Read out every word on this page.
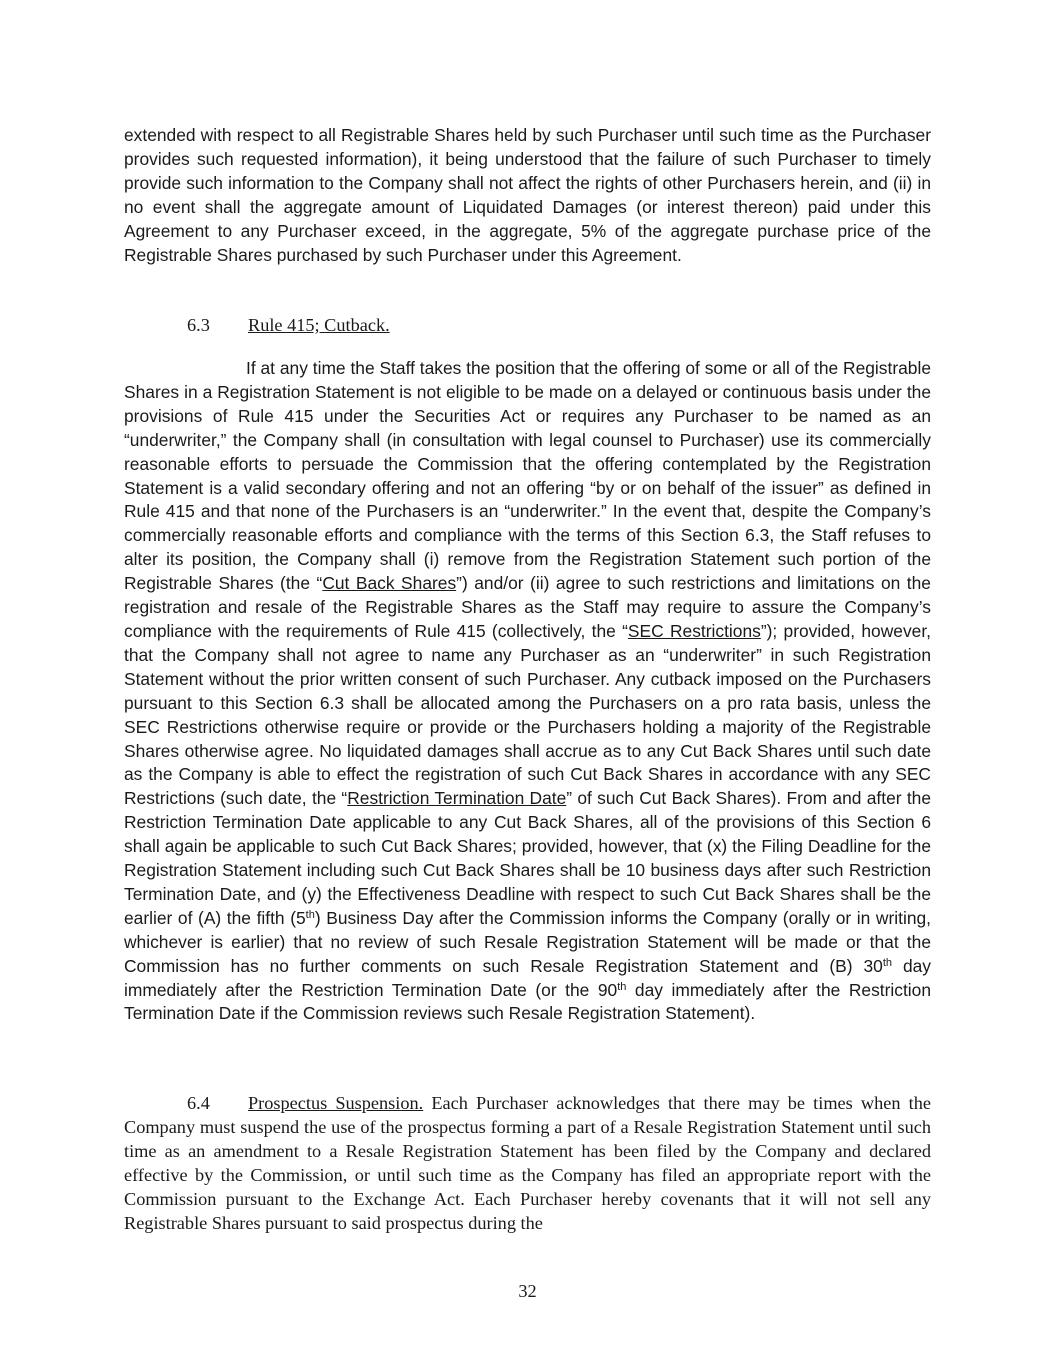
extended with respect to all Registrable Shares held by such Purchaser until such time as the Purchaser provides such requested information), it being understood that the failure of such Purchaser to timely provide such information to the Company shall not affect the rights of other Purchasers herein, and (ii) in no event shall the aggregate amount of Liquidated Damages (or interest thereon) paid under this Agreement to any Purchaser exceed, in the aggregate, 5% of the aggregate purchase price of the Registrable Shares purchased by such Purchaser under this Agreement.

6.3 Rule 415; Cutback.

If at any time the Staff takes the position that the offering of some or all of the Registrable Shares in a Registration Statement is not eligible to be made on a delayed or continuous basis under the provisions of Rule 415 under the Securities Act or requires any Purchaser to be named as an “underwriter,” the Company shall (in consultation with legal counsel to Purchaser) use its commercially reasonable efforts to persuade the Commission that the offering contemplated by the Registration Statement is a valid secondary offering and not an offering “by or on behalf of the issuer” as defined in Rule 415 and that none of the Purchasers is an “underwriter.” In the event that, despite the Company’s commercially reasonable efforts and compliance with the terms of this Section 6.3, the Staff refuses to alter its position, the Company shall (i) remove from the Registration Statement such portion of the Registrable Shares (the “Cut Back Shares”) and/or (ii) agree to such restrictions and limitations on the registration and resale of the Registrable Shares as the Staff may require to assure the Company’s compliance with the requirements of Rule 415 (collectively, the “SEC Restrictions”); provided, however, that the Company shall not agree to name any Purchaser as an “underwriter” in such Registration Statement without the prior written consent of such Purchaser. Any cutback imposed on the Purchasers pursuant to this Section 6.3 shall be allocated among the Purchasers on a pro rata basis, unless the SEC Restrictions otherwise require or provide or the Purchasers holding a majority of the Registrable Shares otherwise agree. No liquidated damages shall accrue as to any Cut Back Shares until such date as the Company is able to effect the registration of such Cut Back Shares in accordance with any SEC Restrictions (such date, the “Restriction Termination Date” of such Cut Back Shares). From and after the Restriction Termination Date applicable to any Cut Back Shares, all of the provisions of this Section 6 shall again be applicable to such Cut Back Shares; provided, however, that (x) the Filing Deadline for the Registration Statement including such Cut Back Shares shall be 10 business days after such Restriction Termination Date, and (y) the Effectiveness Deadline with respect to such Cut Back Shares shall be the earlier of (A) the fifth (5th) Business Day after the Commission informs the Company (orally or in writing, whichever is earlier) that no review of such Resale Registration Statement will be made or that the Commission has no further comments on such Resale Registration Statement and (B) 30th day immediately after the Restriction Termination Date (or the 90th day immediately after the Restriction Termination Date if the Commission reviews such Resale Registration Statement).

6.4 Prospectus Suspension. Each Purchaser acknowledges that there may be times when the Company must suspend the use of the prospectus forming a part of a Resale Registration Statement until such time as an amendment to a Resale Registration Statement has been filed by the Company and declared effective by the Commission, or until such time as the Company has filed an appropriate report with the Commission pursuant to the Exchange Act. Each Purchaser hereby covenants that it will not sell any Registrable Shares pursuant to said prospectus during the

32
